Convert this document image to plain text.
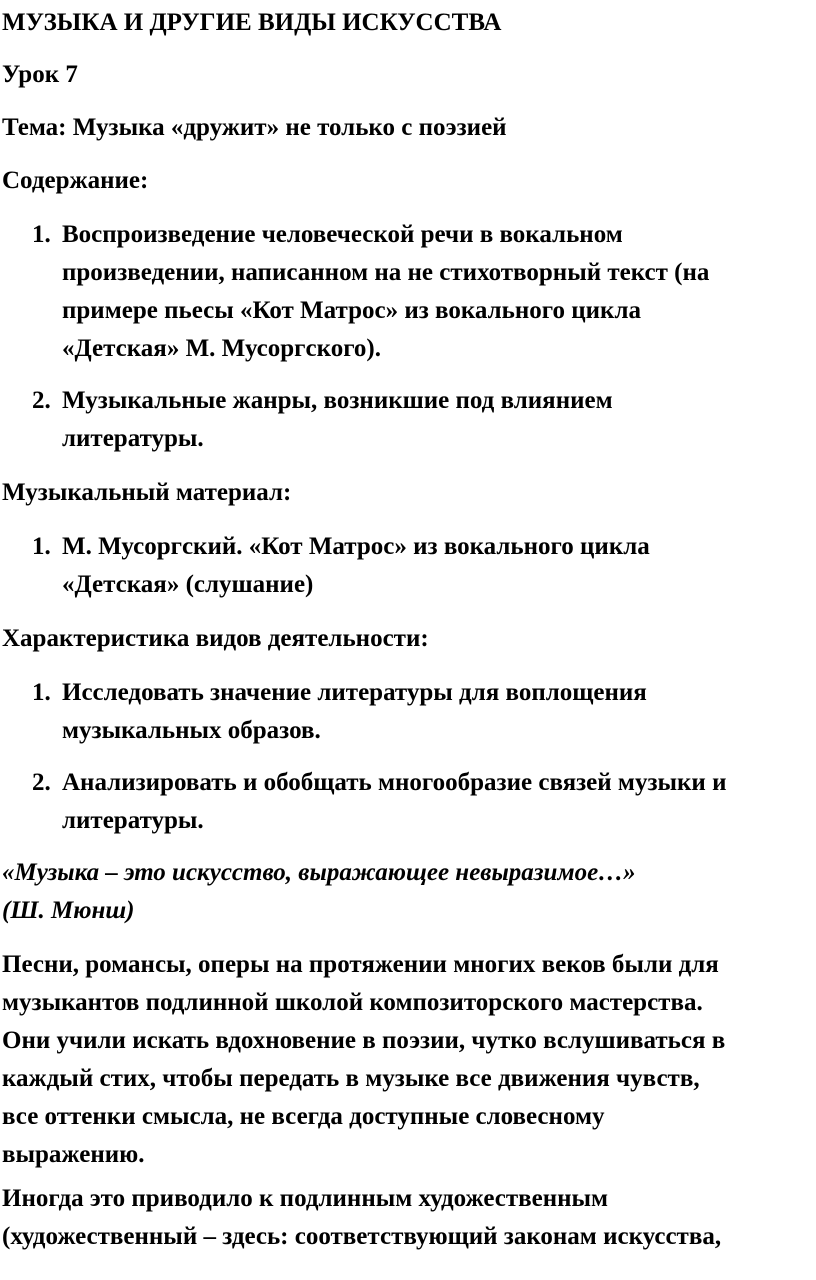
МУЗЫКА И ДРУГИЕ ВИДЫ ИСКУССТВА

Урок 7

Тема: Музыка «дружит» не только с поэзией

Содержание:

1. Воспроизведение человеческой речи в вокальном
произведении, написанном на не стихотворный текст (на
примере пьесы «Кот Матрос» из вокального цикла
«Детская» М. Мусоргского).
2. Музыкальные жанры, возникшие под влиянием
литературы.

Музыкальный материал:

1. М. Мусоргский. «Кот Матрос» из вокального цикла
«Детская» (слушание)

Характеристика видов деятельности:

1. Исследовать значение литературы для воплощения
музыкальных образов.
2. Анализировать и обобщать многообразие связей музыки и
литературы.
«Музыка – это искусство, выражающее невыразимое…»
(Ш. Мюнш)
Песни, романсы, оперы на протяжении многих веков были для
музыкантов подлинной школой композиторского мастерства.
Они учили искать вдохновение в поэзии, чутко вслушиваться в
каждый стих, чтобы передать в музыке все движения чувств,
все оттенки смысла, не всегда доступные словесному
выражению.
Иногда это приводило к подлинным художественным
(художественный – здесь: соответствующий законам искусства,
